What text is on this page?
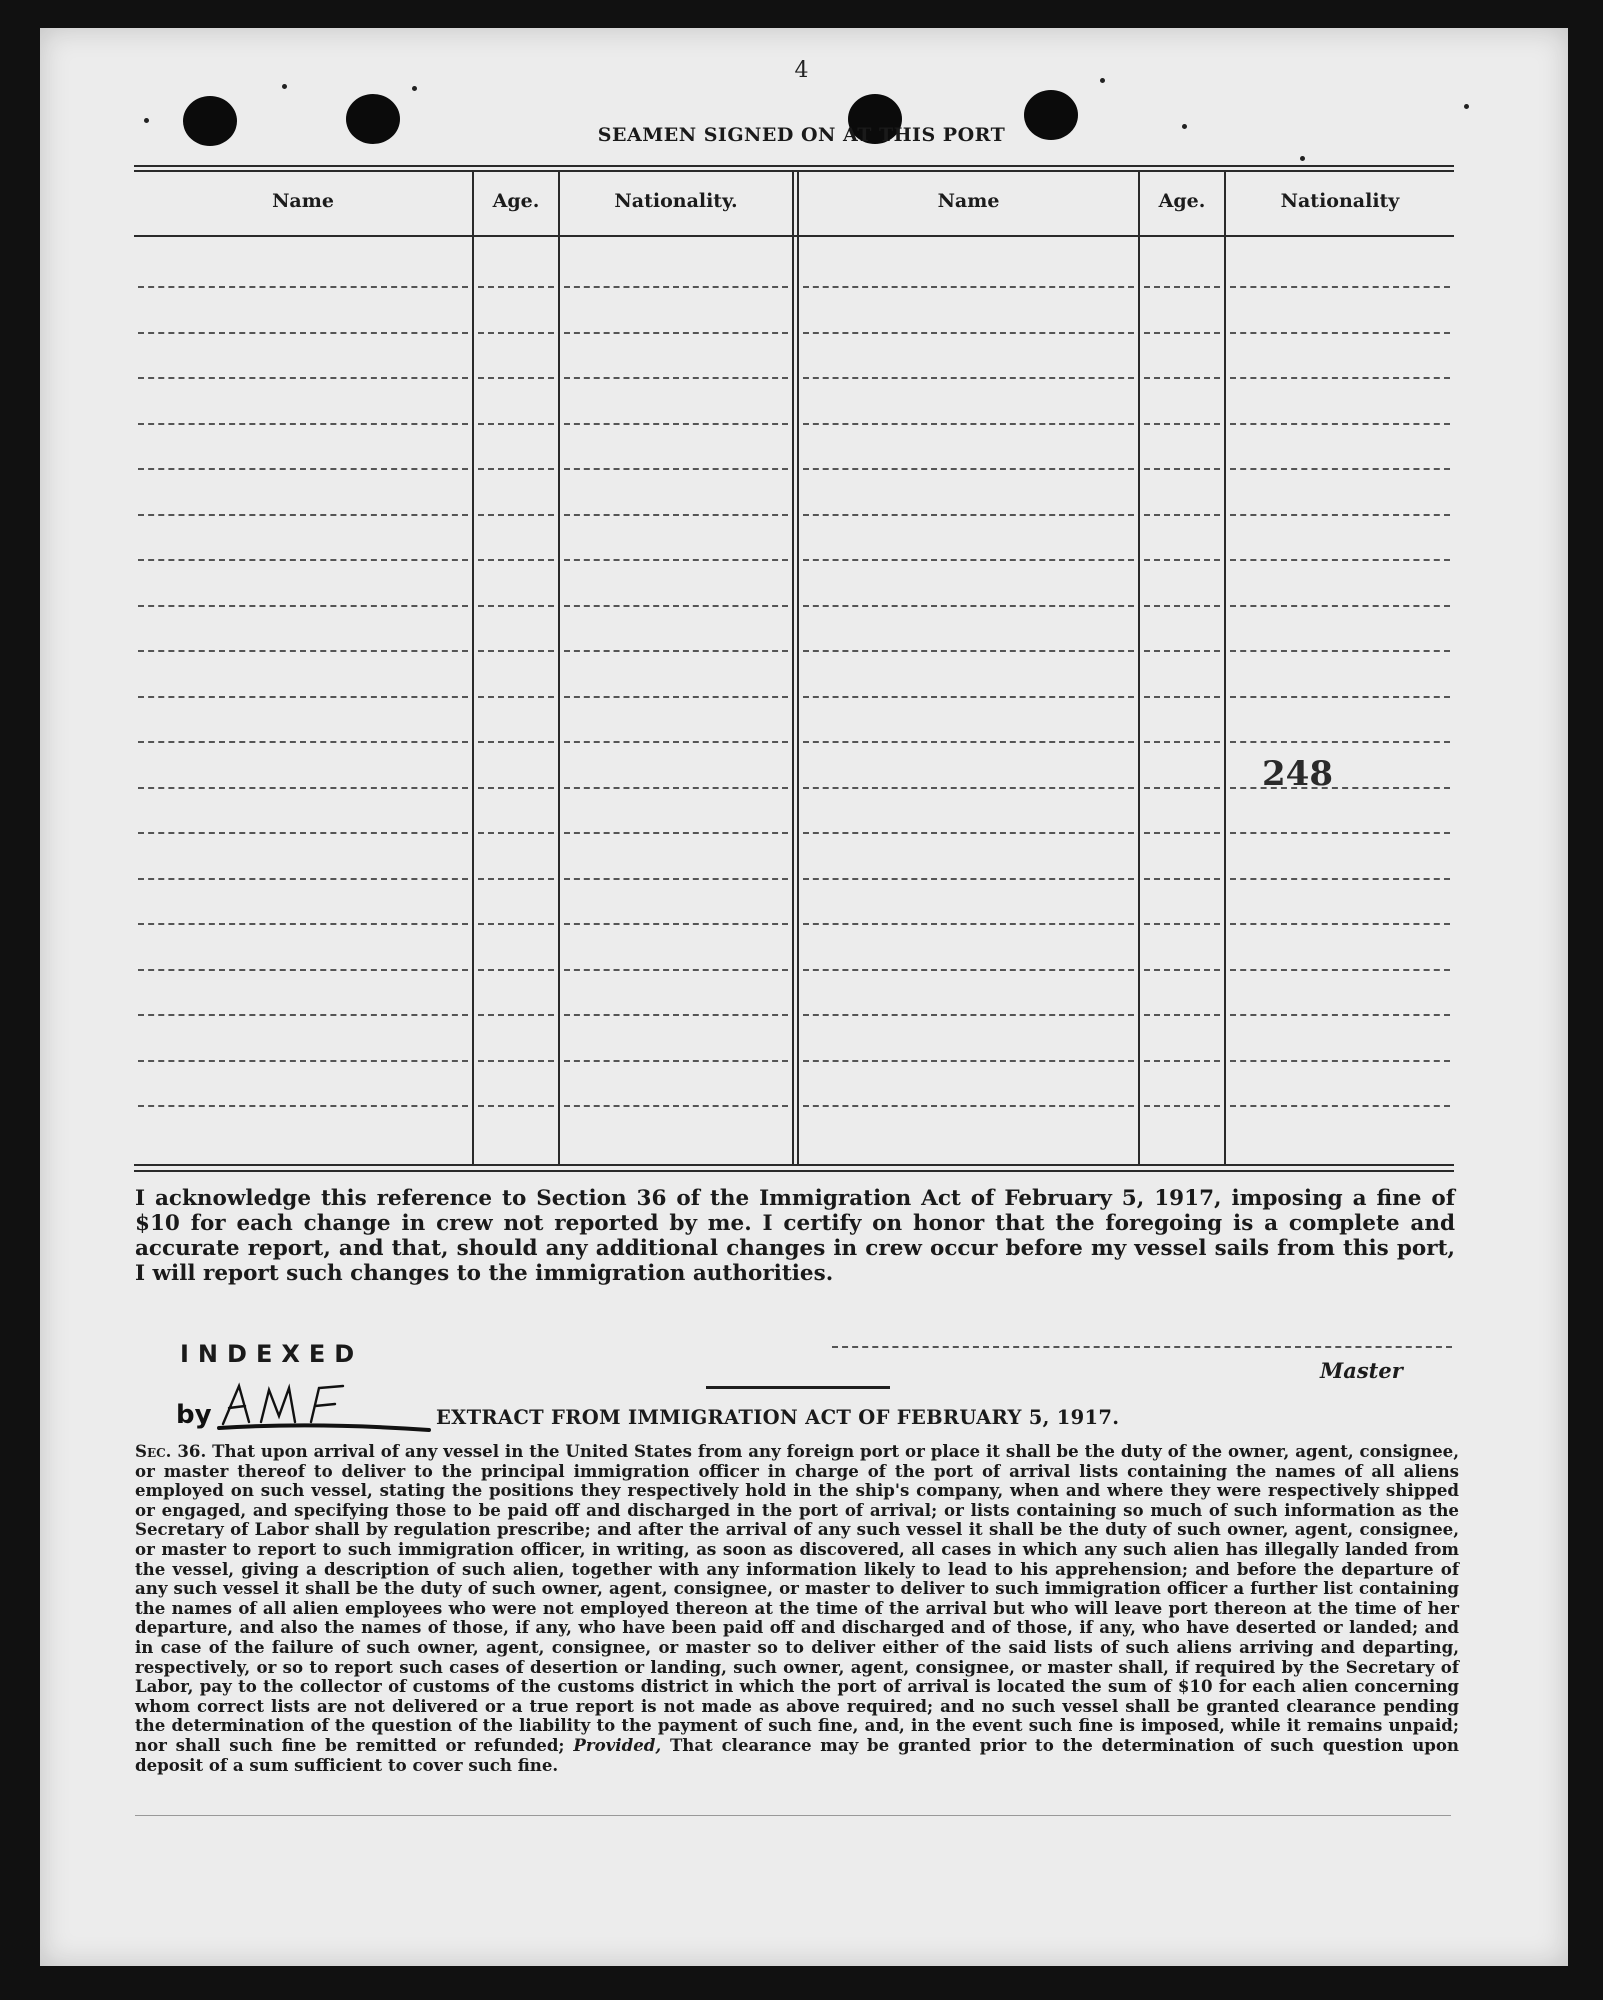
4
SEAMEN SIGNED ON AT THIS PORT
Name	Age.	Nationality.	Name	Age.	Nationality
248
I acknowledge this reference to Section 36 of the Immigration Act of February 5, 1917, imposing a fine of $10 for each change in crew not reported by me. I certify on honor that the foregoing is a complete and accurate report, and that, should any additional changes in crew occur before my vessel sails from this port, I will report such changes to the immigration authorities.
INDEXED
by
Master
EXTRACT FROM IMMIGRATION ACT OF FEBRUARY 5, 1917.
Sec. 36. That upon arrival of any vessel in the United States from any foreign port or place it shall be the duty of the owner, agent, consignee, or master thereof to deliver to the principal immigration officer in charge of the port of arrival lists containing the names of all aliens employed on such vessel, stating the positions they respectively hold in the ship's company, when and where they were respectively shipped or engaged, and specifying those to be paid off and discharged in the port of arrival; or lists containing so much of such information as the Secretary of Labor shall by regulation prescribe; and after the arrival of any such vessel it shall be the duty of such owner, agent, consignee, or master to report to such immigration officer, in writing, as soon as discovered, all cases in which any such alien has illegally landed from the vessel, giving a description of such alien, together with any information likely to lead to his apprehension; and before the departure of any such vessel it shall be the duty of such owner, agent, consignee, or master to deliver to such immigration officer a further list containing the names of all alien employees who were not employed thereon at the time of the arrival but who will leave port thereon at the time of her departure, and also the names of those, if any, who have been paid off and discharged and of those, if any, who have deserted or landed; and in case of the failure of such owner, agent, consignee, or master so to deliver either of the said lists of such aliens arriving and departing, respectively, or so to report such cases of desertion or landing, such owner, agent, consignee, or master shall, if required by the Secretary of Labor, pay to the collector of customs of the customs district in which the port of arrival is located the sum of $10 for each alien concerning whom correct lists are not delivered or a true report is not made as above required; and no such vessel shall be granted clearance pending the determination of the question of the liability to the payment of such fine, and, in the event such fine is imposed, while it remains unpaid; nor shall such fine be remitted or refunded; Provided, That clearance may be granted prior to the determination of such question upon deposit of a sum sufficient to cover such fine.
